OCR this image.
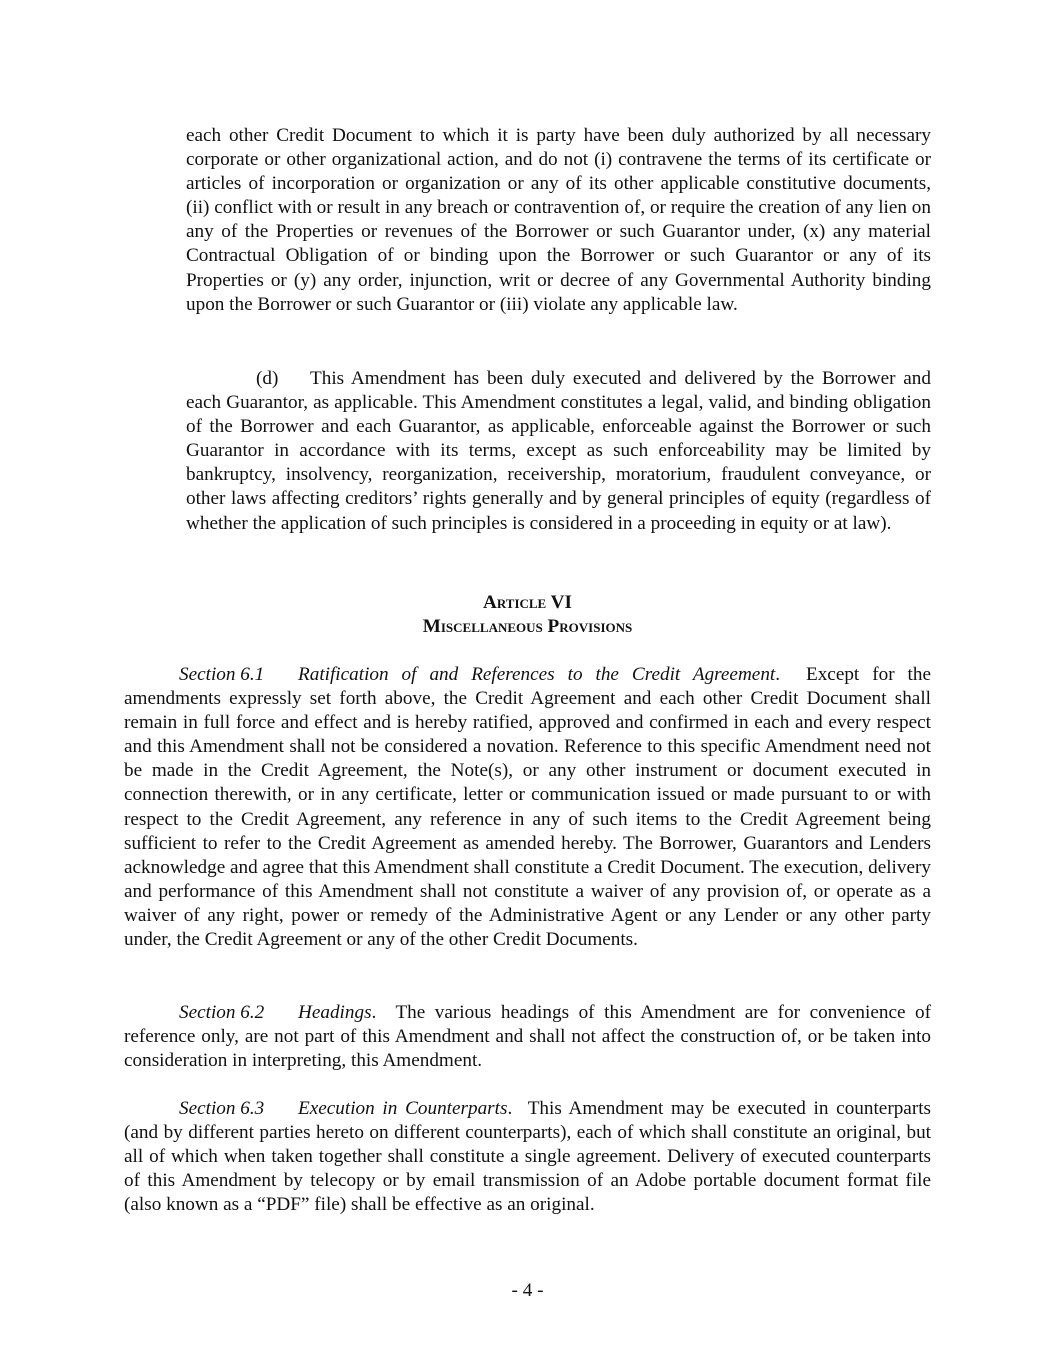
each other Credit Document to which it is party have been duly authorized by all necessary corporate or other organizational action, and do not (i) contravene the terms of its certificate or articles of incorporation or organization or any of its other applicable constitutive documents, (ii) conflict with or result in any breach or contravention of, or require the creation of any lien on any of the Properties or revenues of the Borrower or such Guarantor under, (x) any material Contractual Obligation of or binding upon the Borrower or such Guarantor or any of its Properties or (y) any order, injunction, writ or decree of any Governmental Authority binding upon the Borrower or such Guarantor or (iii) violate any applicable law.

(d) This Amendment has been duly executed and delivered by the Borrower and each Guarantor, as applicable. This Amendment constitutes a legal, valid, and binding obligation of the Borrower and each Guarantor, as applicable, enforceable against the Borrower or such Guarantor in accordance with its terms, except as such enforceability may be limited by bankruptcy, insolvency, reorganization, receivership, moratorium, fraudulent conveyance, or other laws affecting creditors’ rights generally and by general principles of equity (regardless of whether the application of such principles is considered in a proceeding in equity or at law).

Article VI
Miscellaneous Provisions

Section 6.1 Ratification of and References to the Credit Agreement.  Except for the amendments expressly set forth above, the Credit Agreement and each other Credit Document shall remain in full force and effect and is hereby ratified, approved and confirmed in each and every respect and this Amendment shall not be considered a novation. Reference to this specific Amendment need not be made in the Credit Agreement, the Note(s), or any other instrument or document executed in connection therewith, or in any certificate, letter or communication issued or made pursuant to or with respect to the Credit Agreement, any reference in any of such items to the Credit Agreement being sufficient to refer to the Credit Agreement as amended hereby. The Borrower, Guarantors and Lenders acknowledge and agree that this Amendment shall constitute a Credit Document. The execution, delivery and performance of this Amendment shall not constitute a waiver of any provision of, or operate as a waiver of any right, power or remedy of the Administrative Agent or any Lender or any other party under, the Credit Agreement or any of the other Credit Documents.

Section 6.2 Headings.  The various headings of this Amendment are for convenience of reference only, are not part of this Amendment and shall not affect the construction of, or be taken into consideration in interpreting, this Amendment.

Section 6.3 Execution in Counterparts.  This Amendment may be executed in counterparts (and by different parties hereto on different counterparts), each of which shall constitute an original, but all of which when taken together shall constitute a single agreement. Delivery of executed counterparts of this Amendment by telecopy or by email transmission of an Adobe portable document format file (also known as a “PDF” file) shall be effective as an original.

- 4 -
